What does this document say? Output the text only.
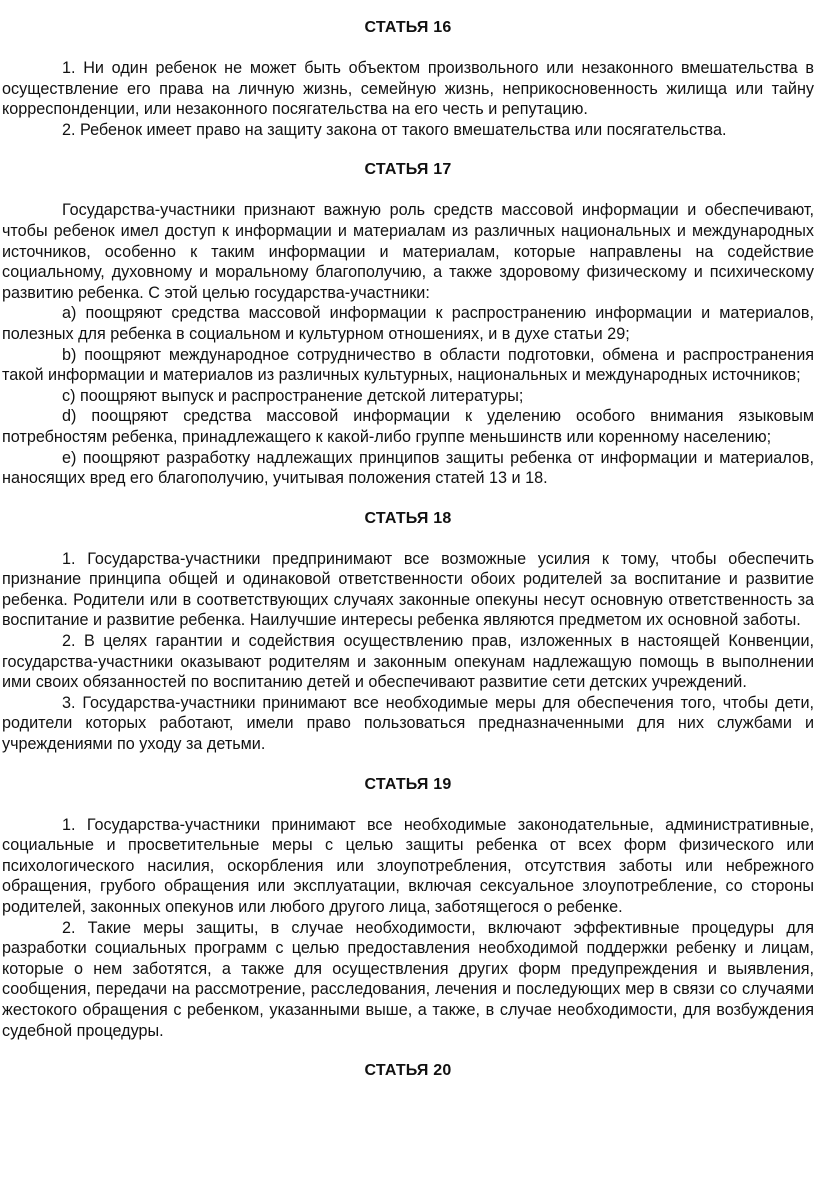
СТАТЬЯ 16

1. Ни один ребенок не может быть объектом произвольного или незаконного вмешательства в осуществление его права на личную жизнь, семейную жизнь, неприкосновенность жилища или тайну корреспонденции, или незаконного посягательства на его честь и репутацию.

2. Ребенок имеет право на защиту закона от такого вмешательства или посягательства.

СТАТЬЯ 17

Государства-участники признают важную роль средств массовой информации и обеспечивают, чтобы ребенок имел доступ к информации и материалам из различных национальных и международных источников, особенно к таким информации и материалам, которые направлены на содействие социальному, духовному и моральному благополучию, а также здоровому физическому и психическому развитию ребенка. С этой целью государства-участники:

a) поощряют средства массовой информации к распространению информации и материалов, полезных для ребенка в социальном и культурном отношениях, и в духе статьи 29;

b) поощряют международное сотрудничество в области подготовки, обмена и распространения такой информации и материалов из различных культурных, национальных и международных источников;

c) поощряют выпуск и распространение детской литературы;

d) поощряют средства массовой информации к уделению особого внимания языковым потребностям ребенка, принадлежащего к какой-либо группе меньшинств или коренному населению;

e) поощряют разработку надлежащих принципов защиты ребенка от информации и материалов, наносящих вред его благополучию, учитывая положения статей 13 и 18.

СТАТЬЯ 18

1. Государства-участники предпринимают все возможные усилия к тому, чтобы обеспечить признание принципа общей и одинаковой ответственности обоих родителей за воспитание и развитие ребенка. Родители или в соответствующих случаях законные опекуны несут основную ответственность за воспитание и развитие ребенка. Наилучшие интересы ребенка являются предметом их основной заботы.

2. В целях гарантии и содействия осуществлению прав, изложенных в настоящей Конвенции, государства-участники оказывают родителям и законным опекунам надлежащую помощь в выполнении ими своих обязанностей по воспитанию детей и обеспечивают развитие сети детских учреждений.

3. Государства-участники принимают все необходимые меры для обеспечения того, чтобы дети, родители которых работают, имели право пользоваться предназначенными для них службами и учреждениями по уходу за детьми.

СТАТЬЯ 19

1. Государства-участники принимают все необходимые законодательные, административные, социальные и просветительные меры с целью защиты ребенка от всех форм физического или психологического насилия, оскорбления или злоупотребления, отсутствия заботы или небрежного обращения, грубого обращения или эксплуатации, включая сексуальное злоупотребление, со стороны родителей, законных опекунов или любого другого лица, заботящегося о ребенке.

2. Такие меры защиты, в случае необходимости, включают эффективные процедуры для разработки социальных программ с целью предоставления необходимой поддержки ребенку и лицам, которые о нем заботятся, а также для осуществления других форм предупреждения и выявления, сообщения, передачи на рассмотрение, расследования, лечения и последующих мер в связи со случаями жестокого обращения с ребенком, указанными выше, а также, в случае необходимости, для возбуждения судебной процедуры.

СТАТЬЯ 20
